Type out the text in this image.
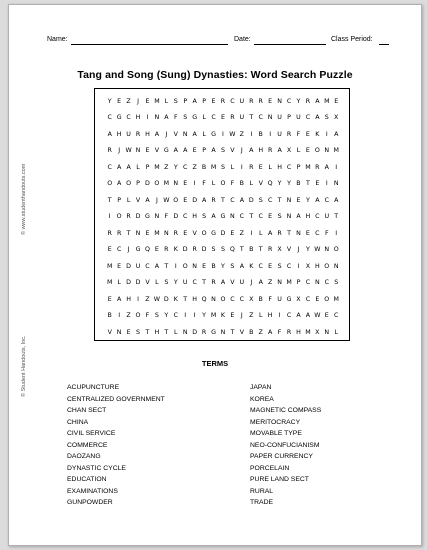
Name:	Date:	Class Period:
Tang and Song (Sung) Dynasties: Word Search Puzzle
© www.studenthandouts.com
© Student Handouts, Inc.
Y E Z	J	E M L S P A P E R C U R R E N C Y R A M E
C G C H I N A F S G L C E R U T C N U P U C A S X
A H U R H A	J	V N A L G I W Z	I	B	I U R F E K	I	A
R	J W N E V G A A E P A S V	J	A H R A X L E O N M
C A A L P M Z Y C Z B M S L	I	R E L H C P M R A	I
O A O P D O M N E	I	F L O F B L V Q Y Y B T E	I N
T P L V A	J W O E D A R T C A D S C T N E Y A C A
I O R D G N F D C H S A G N C T C E S N A H C U T
R R T N E M N R E V O G D E Z	I	L A R T N E C F	I
E C J G Q E R K D R D S S Q T B T R X V	J	Y W N O
M E D U C A T	I O N E B Y S A K C E S C I	X H O N
M L D D V L S Y U C T R A V U J	A Z N M P C N C S
E A H I	Z W D K T H Q N O C C X B F U G X C E O M
B	I	Z O F S Y C I	I	Y M K E	J	Z L H I	C A A W E C
V N E S T H T L N D R G N T V B Z A F R H M X N L
TERMS
ACUPUNCTURE
CENTRALIZED GOVERNMENT
CHAN SECT
CHINA
CIVIL SERVICE
COMMERCE
DAOZANG
DYNASTIC CYCLE
EDUCATION
EXAMINATIONS
GUNPOWDER
JAPAN
KOREA
MAGNETIC COMPASS
MERITOCRACY
MOVABLE TYPE
NEO-CONFUCIANISM
PAPER CURRENCY
PORCELAIN
PURE LAND SECT
RURAL
TRADE
